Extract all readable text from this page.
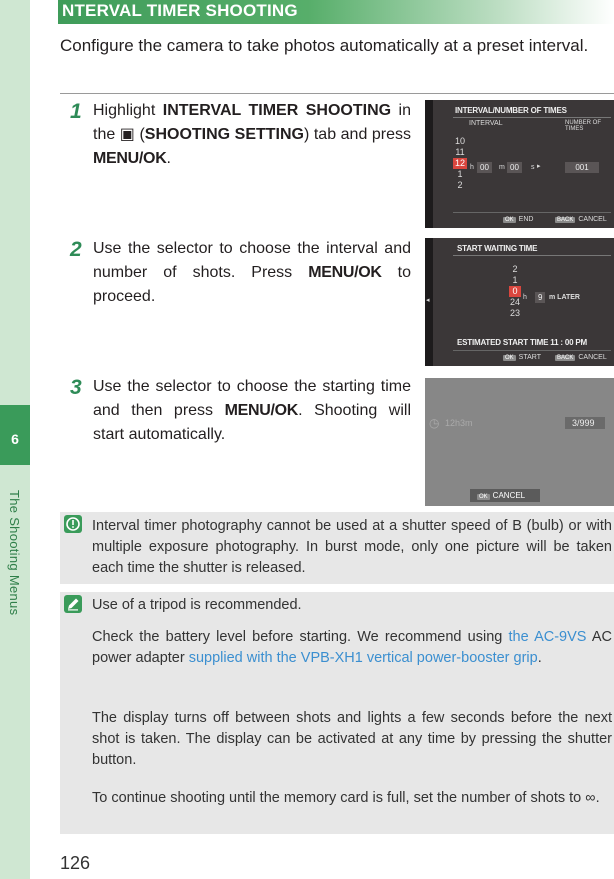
6
The Shooting Menus
NTERVAL TIMER SHOOTING
Configure the camera to take photos automatically at a preset interval.
1 Highlight INTERVAL TIMER SHOOTING in the ▣ (SHOOTING SETTING) tab and press MENU/OK.
INTERVAL/NUMBER OF TIMES
INTERVAL	NUMBER OF TIMES
10
11
12
1
2
h 00	m 00	s ▸	001
OK END	BACK CANCEL
2 Use the selector to choose the interval and number of shots. Press MENU/OK to proceed.	◂
START WAITING TIME
2
1
0
24
23
h	9 m LATER
ESTIMATED START TIME 11 : 00 PM
OK START	BACK CANCEL
3 Use the selector to choose the starting time and then press MENU/OK. Shooting will start automatically.
◷ 12h3m	3/999
OK CANCEL
Interval timer photography cannot be used at a shutter speed of B (bulb) or with multiple exposure photography. In burst mode, only one picture will be taken each time the shutter is released.
Use of a tripod is recommended.
Check the battery level before starting. We recommend using the AC-9VS AC power adapter supplied with the VPB-XH1 vertical power-booster grip.
The display turns off between shots and lights a few seconds before the next shot is taken. The display can be activated at any time by pressing the shutter button.
To continue shooting until the memory card is full, set the number of shots to ∞.
126
